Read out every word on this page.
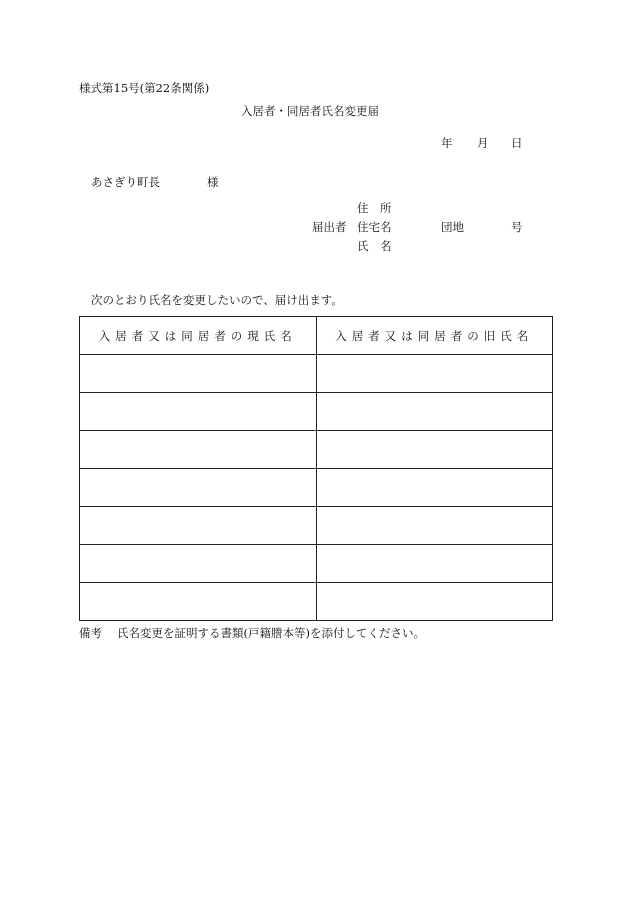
様式第15号(第22条関係)
入居者・同居者氏名変更届
年 月 日
あさぎり町長	様
住　所
届出者 住宅名	団地	号
氏　名
次のとおり氏名を変更したいので、届け出ます。
入居者又は同居者の現氏名	入居者又は同居者の旧氏名

備考 氏名変更を証明する書類(戸籍謄本等)を添付してください。
